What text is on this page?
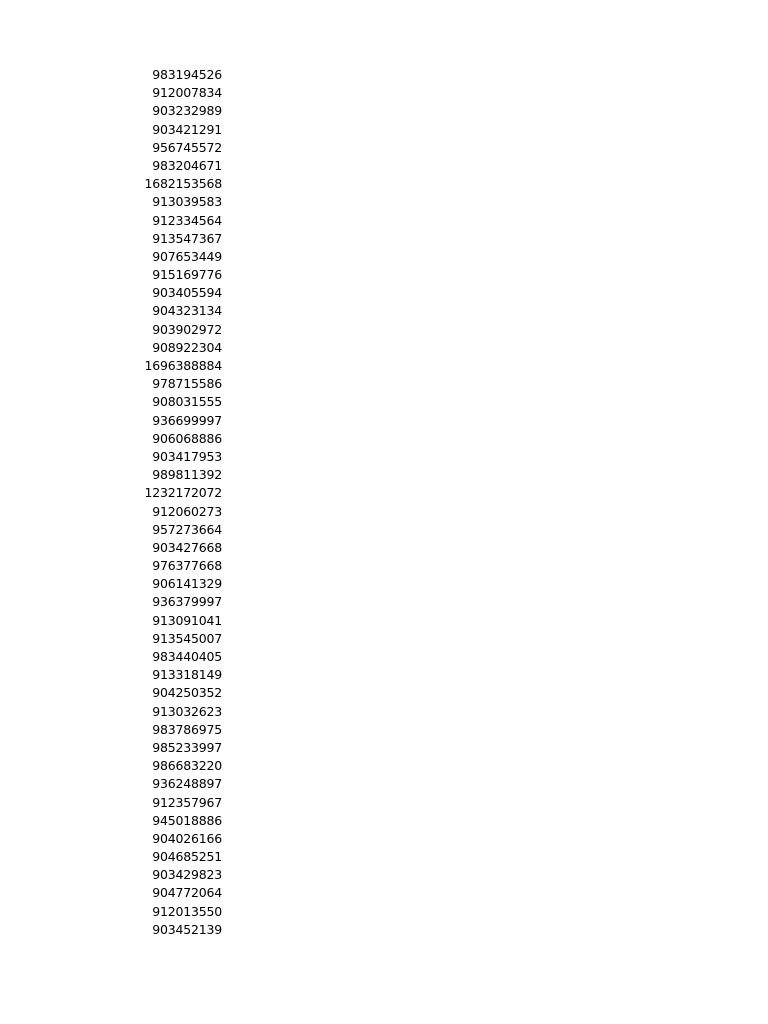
983194526
912007834
903232989
903421291
956745572
983204671
1682153568
913039583
912334564
913547367
907653449
915169776
903405594
904323134
903902972
908922304
1696388884
978715586
908031555
936699997
906068886
903417953
989811392
1232172072
912060273
957273664
903427668
976377668
906141329
936379997
913091041
913545007
983440405
913318149
904250352
913032623
983786975
985233997
986683220
936248897
912357967
945018886
904026166
904685251
903429823
904772064
912013550
903452139
